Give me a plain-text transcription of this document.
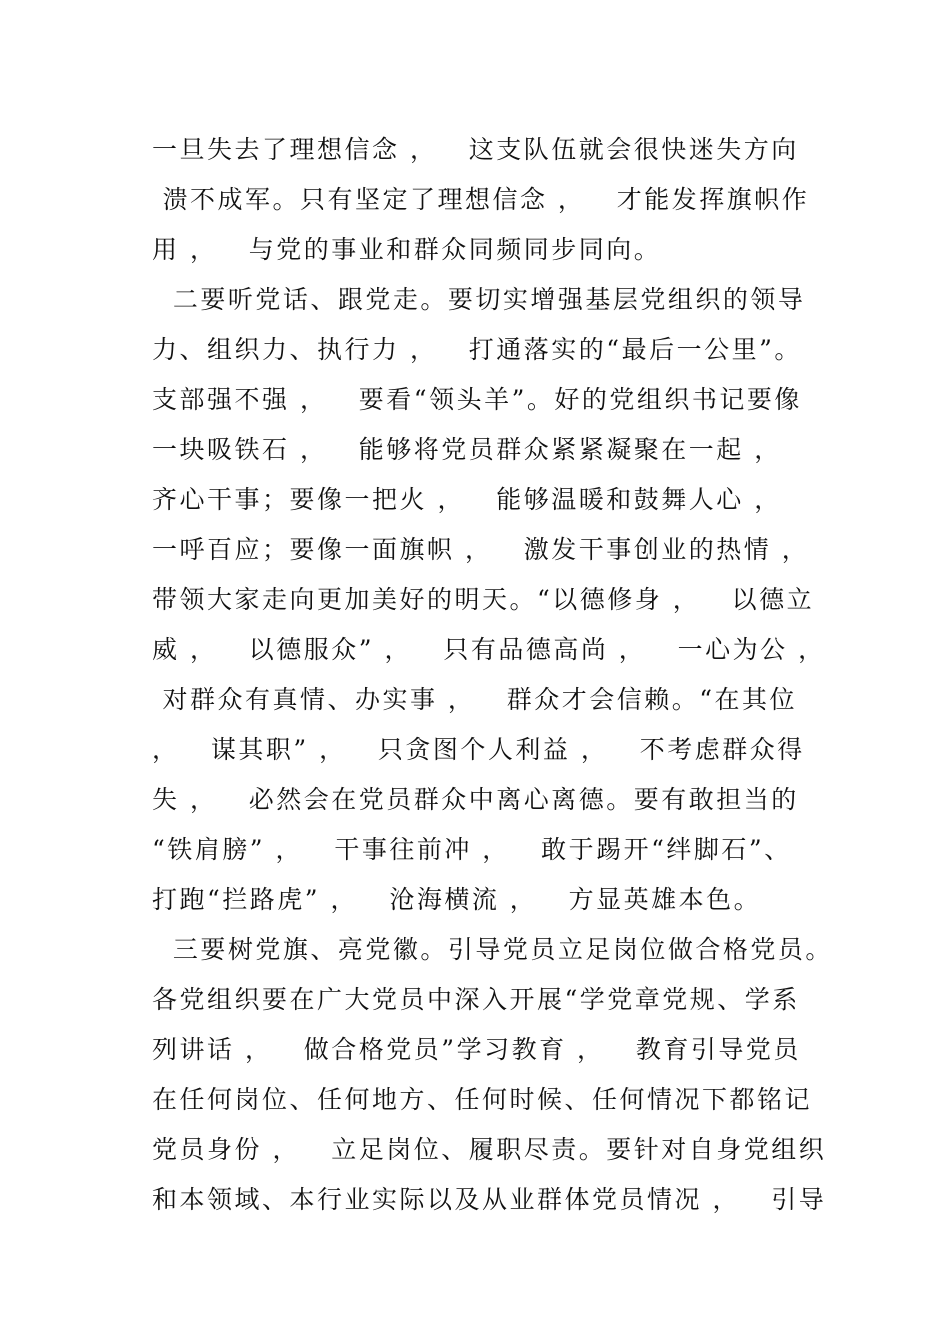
一旦失去了理想信念 ，   这支队伍就会很快迷失方向
溃不成军。只有坚定了理想信念 ，   才能发挥旗帜作
用 ，   与党的事业和群众同频同步同向。
二要听党话、跟党走。要切实增强基层党组织的领导
力、组织力、执行力 ，   打通落实的“最后一公里”。
支部强不强 ，   要看“领头羊”。好的党组织书记要像
一块吸铁石 ，   能够将党员群众紧紧凝聚在一起 ，
齐心干事；要像一把火 ，   能够温暖和鼓舞人心 ，
一呼百应；要像一面旗帜 ，   激发干事创业的热情 ，
带领大家走向更加美好的明天。“以德修身 ，   以德立
威 ，   以德服众” ，   只有品德高尚 ，   一心为公 ，
对群众有真情、办实事 ，   群众才会信赖。“在其位
，   谋其职” ，   只贪图个人利益 ，   不考虑群众得
失 ，   必然会在党员群众中离心离德。要有敢担当的
“铁肩膀” ，   干事往前冲 ，   敢于踢开“绊脚石”、
打跑“拦路虎” ，   沧海横流 ，   方显英雄本色。
三要树党旗、亮党徽。引导党员立足岗位做合格党员。
各党组织要在广大党员中深入开展“学党章党规、学系
列讲话 ，   做合格党员”学习教育 ，   教育引导党员
在任何岗位、任何地方、任何时候、任何情况下都铭记
党员身份 ，   立足岗位、履职尽责。要针对自身党组织
和本领域、本行业实际以及从业群体党员情况 ，   引导
